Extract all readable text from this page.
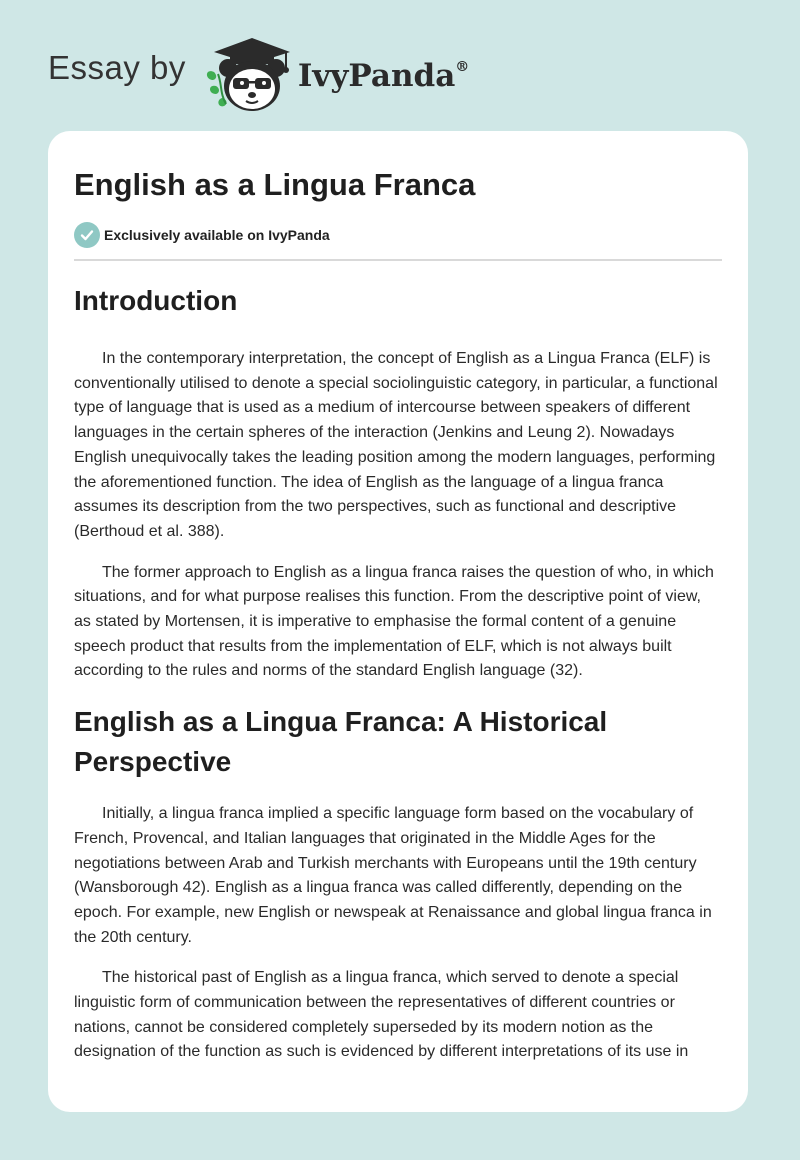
Essay by	IvyPanda®
English as a Lingua Franca
Exclusively available on IvyPanda
Introduction

In the contemporary interpretation, the concept of English as a Lingua Franca (ELF) is conventionally utilised to denote a special sociolinguistic category, in particular, a functional type of language that is used as a medium of intercourse between speakers of different languages in the certain spheres of the interaction (Jenkins and Leung 2). Nowadays English unequivocally takes the leading position among the modern languages, performing the aforementioned function. The idea of English as the language of a lingua franca assumes its description from the two perspectives, such as functional and descriptive (Berthoud et al. 388).

The former approach to English as a lingua franca raises the question of who, in which situations, and for what purpose realises this function. From the descriptive point of view, as stated by Mortensen, it is imperative to emphasise the formal content of a genuine speech product that results from the implementation of ELF, which is not always built according to the rules and norms of the standard English language (32).

English as a Lingua Franca: A Historical Perspective

Initially, a lingua franca implied a specific language form based on the vocabulary of French, Provencal, and Italian languages that originated in the Middle Ages for the negotiations between Arab and Turkish merchants with Europeans until the 19th century (Wansborough 42). English as a lingua franca was called differently, depending on the epoch. For example, new English or newspeak at Renaissance and global lingua franca in the 20th century.

The historical past of English as a lingua franca, which served to denote a special linguistic form of communication between the representatives of different countries or nations, cannot be considered completely superseded by its modern notion as the designation of the function as such is evidenced by different interpretations of its use in
